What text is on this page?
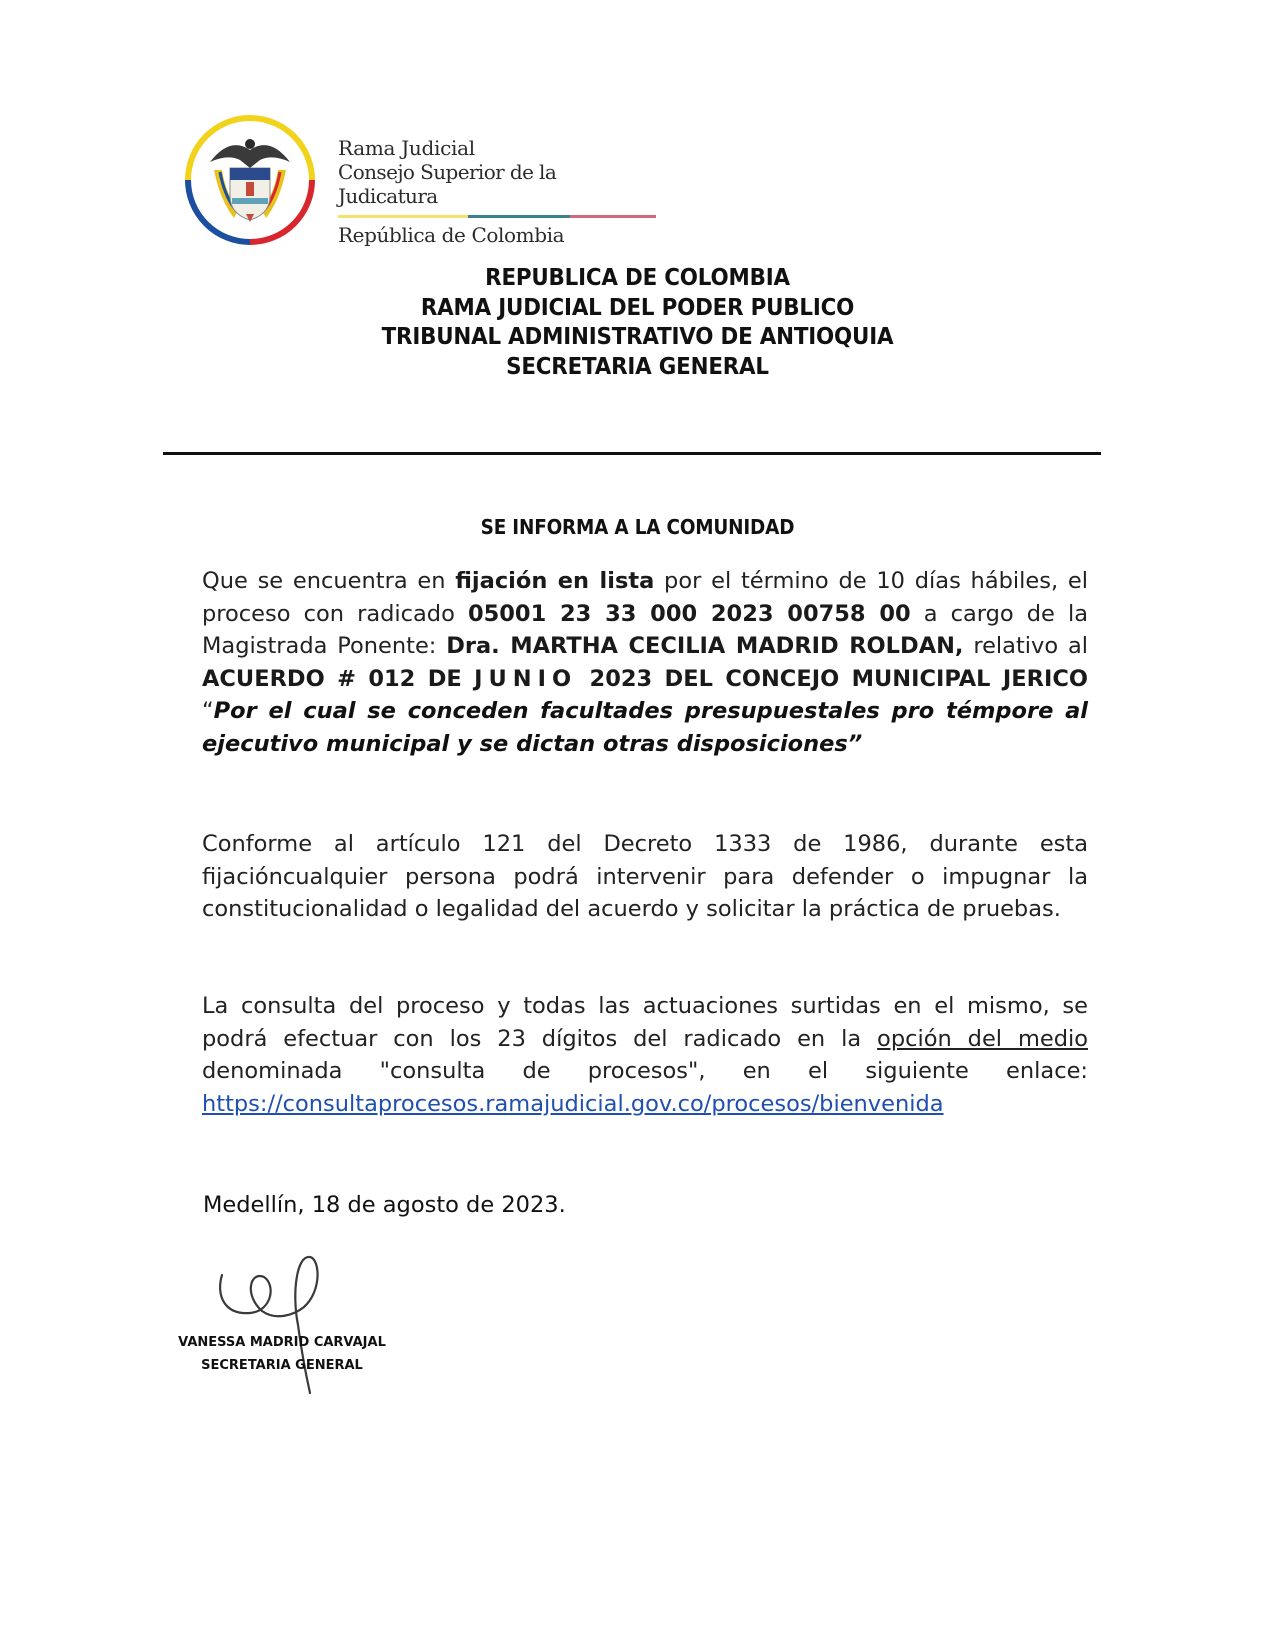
Rama Judicial
Consejo Superior de la Judicatura
República de Colombia
REPUBLICA DE COLOMBIA
RAMA JUDICIAL DEL PODER PUBLICO
TRIBUNAL ADMINISTRATIVO DE ANTIOQUIA
SECRETARIA GENERAL
SE INFORMA A LA COMUNIDAD
Que se encuentra en fijación en lista por el término de 10 días hábiles, el proceso con radicado 05001 23 33 000 2023 00758 00 a cargo de la Magistrada Ponente: Dra. MARTHA CECILIA MADRID ROLDAN, relativo al ACUERDO # 012 DE JUNIO 2023 DEL CONCEJO MUNICIPAL JERICO “Por el cual se conceden facultades presupuestales pro témpore al ejecutivo municipal y se dictan otras disposiciones”
Conforme al artículo 121 del Decreto 1333 de 1986, durante esta fijacióncualquier persona podrá intervenir para defender o impugnar la constitucionalidad o legalidad del acuerdo y solicitar la práctica de pruebas.
La consulta del proceso y todas las actuaciones surtidas en el mismo, se podrá efectuar con los 23 dígitos del radicado en la opción del medio denominada "consulta de procesos", en el siguiente enlace: https://consultaprocesos.ramajudicial.gov.co/procesos/bienvenida
Medellín, 18 de agosto de 2023.
VANESSA MADRID CARVAJAL
SECRETARIA GENERAL
